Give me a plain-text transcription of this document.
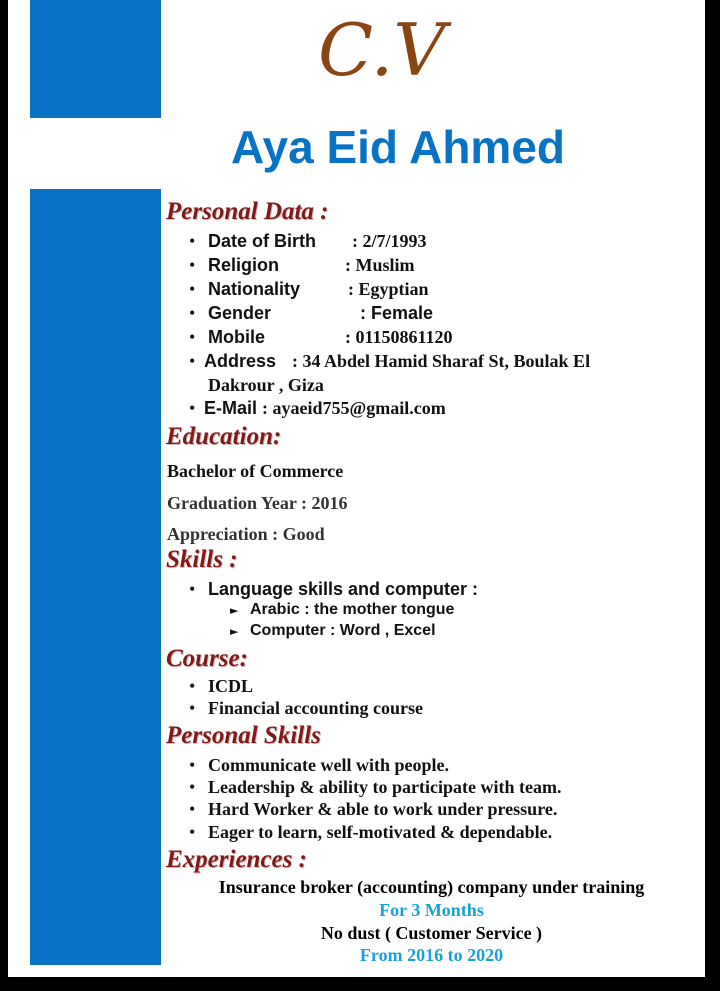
C.V
Aya Eid Ahmed
Personal Data :
• Date of Birth : 2/7/1993
• Religion	: Muslim
• Nationality	: Egyptian
• Gender	: Female
• Mobile	: 01150861120
• Address : 34 Abdel Hamid Sharaf St, Boulak El
Dakrour , Giza
• E-Mail : ayaeid755@gmail.com
Education:
Bachelor of Commerce
Graduation Year : 2016
Appreciation : Good
Skills :
• Language skills and computer :
► Arabic : the mother tongue
► Computer : Word , Excel
Course:
• ICDL
• Financial accounting course
Personal Skills
• Communicate well with people.
• Leadership & ability to participate with team.
• Hard Worker & able to work under pressure.
• Eager to learn, self-motivated & dependable.
Experiences :
Insurance broker (accounting) company under training
For 3 Months
No dust ( Customer Service )
From 2016 to 2020
